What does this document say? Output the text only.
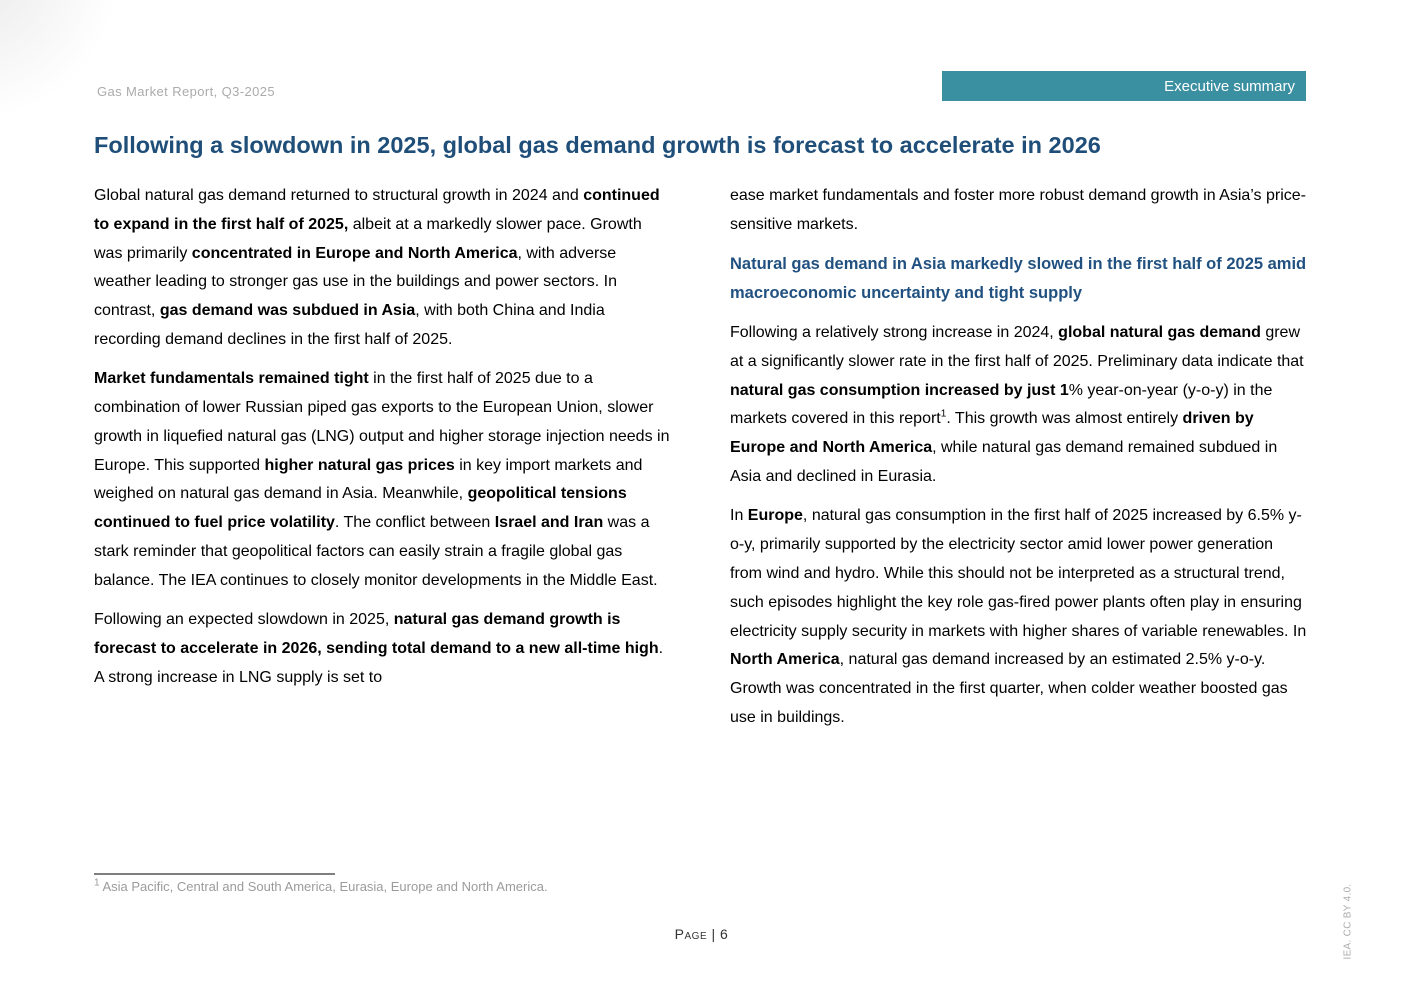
Gas Market Report, Q3-2025	Executive summary
Following a slowdown in 2025, global gas demand growth is forecast to accelerate in 2026

Global natural gas demand returned to structural growth in 2024 and continued to expand in the first half of 2025, albeit at a markedly slower pace. Growth was primarily concentrated in Europe and North America, with adverse weather leading to stronger gas use in the buildings and power sectors. In contrast, gas demand was subdued in Asia, with both China and India recording demand declines in the first half of 2025.

Market fundamentals remained tight in the first half of 2025 due to a combination of lower Russian piped gas exports to the European Union, slower growth in liquefied natural gas (LNG) output and higher storage injection needs in Europe. This supported higher natural gas prices in key import markets and weighed on natural gas demand in Asia. Meanwhile, geopolitical tensions continued to fuel price volatility. The conflict between Israel and Iran was a stark reminder that geopolitical factors can easily strain a fragile global gas balance. The IEA continues to closely monitor developments in the Middle East.

Following an expected slowdown in 2025, natural gas demand growth is forecast to accelerate in 2026, sending total demand to a new all-time high. A strong increase in LNG supply is set to

ease market fundamentals and foster more robust demand growth in Asia’s price-sensitive markets.

Natural gas demand in Asia markedly slowed in the first half of 2025 amid macroeconomic uncertainty and tight supply

Following a relatively strong increase in 2024, global natural gas demand grew at a significantly slower rate in the first half of 2025. Preliminary data indicate that natural gas consumption increased by just 1% year-on-year (y-o-y) in the markets covered in this report$^1$. This growth was almost entirely driven by Europe and North America, while natural gas demand remained subdued in Asia and declined in Eurasia.

In Europe, natural gas consumption in the first half of 2025 increased by 6.5% y-o-y, primarily supported by the electricity sector amid lower power generation from wind and hydro. While this should not be interpreted as a structural trend, such episodes highlight the key role gas-fired power plants often play in ensuring electricity supply security in markets with higher shares of variable renewables. In North America, natural gas demand increased by an estimated 2.5% y-o-y. Growth was concentrated in the first quarter, when colder weather boosted gas use in buildings.

$^1$ Asia Pacific, Central and South America, Eurasia, Europe and North America.

Page | 6	IEA. CC BY 4.0.
